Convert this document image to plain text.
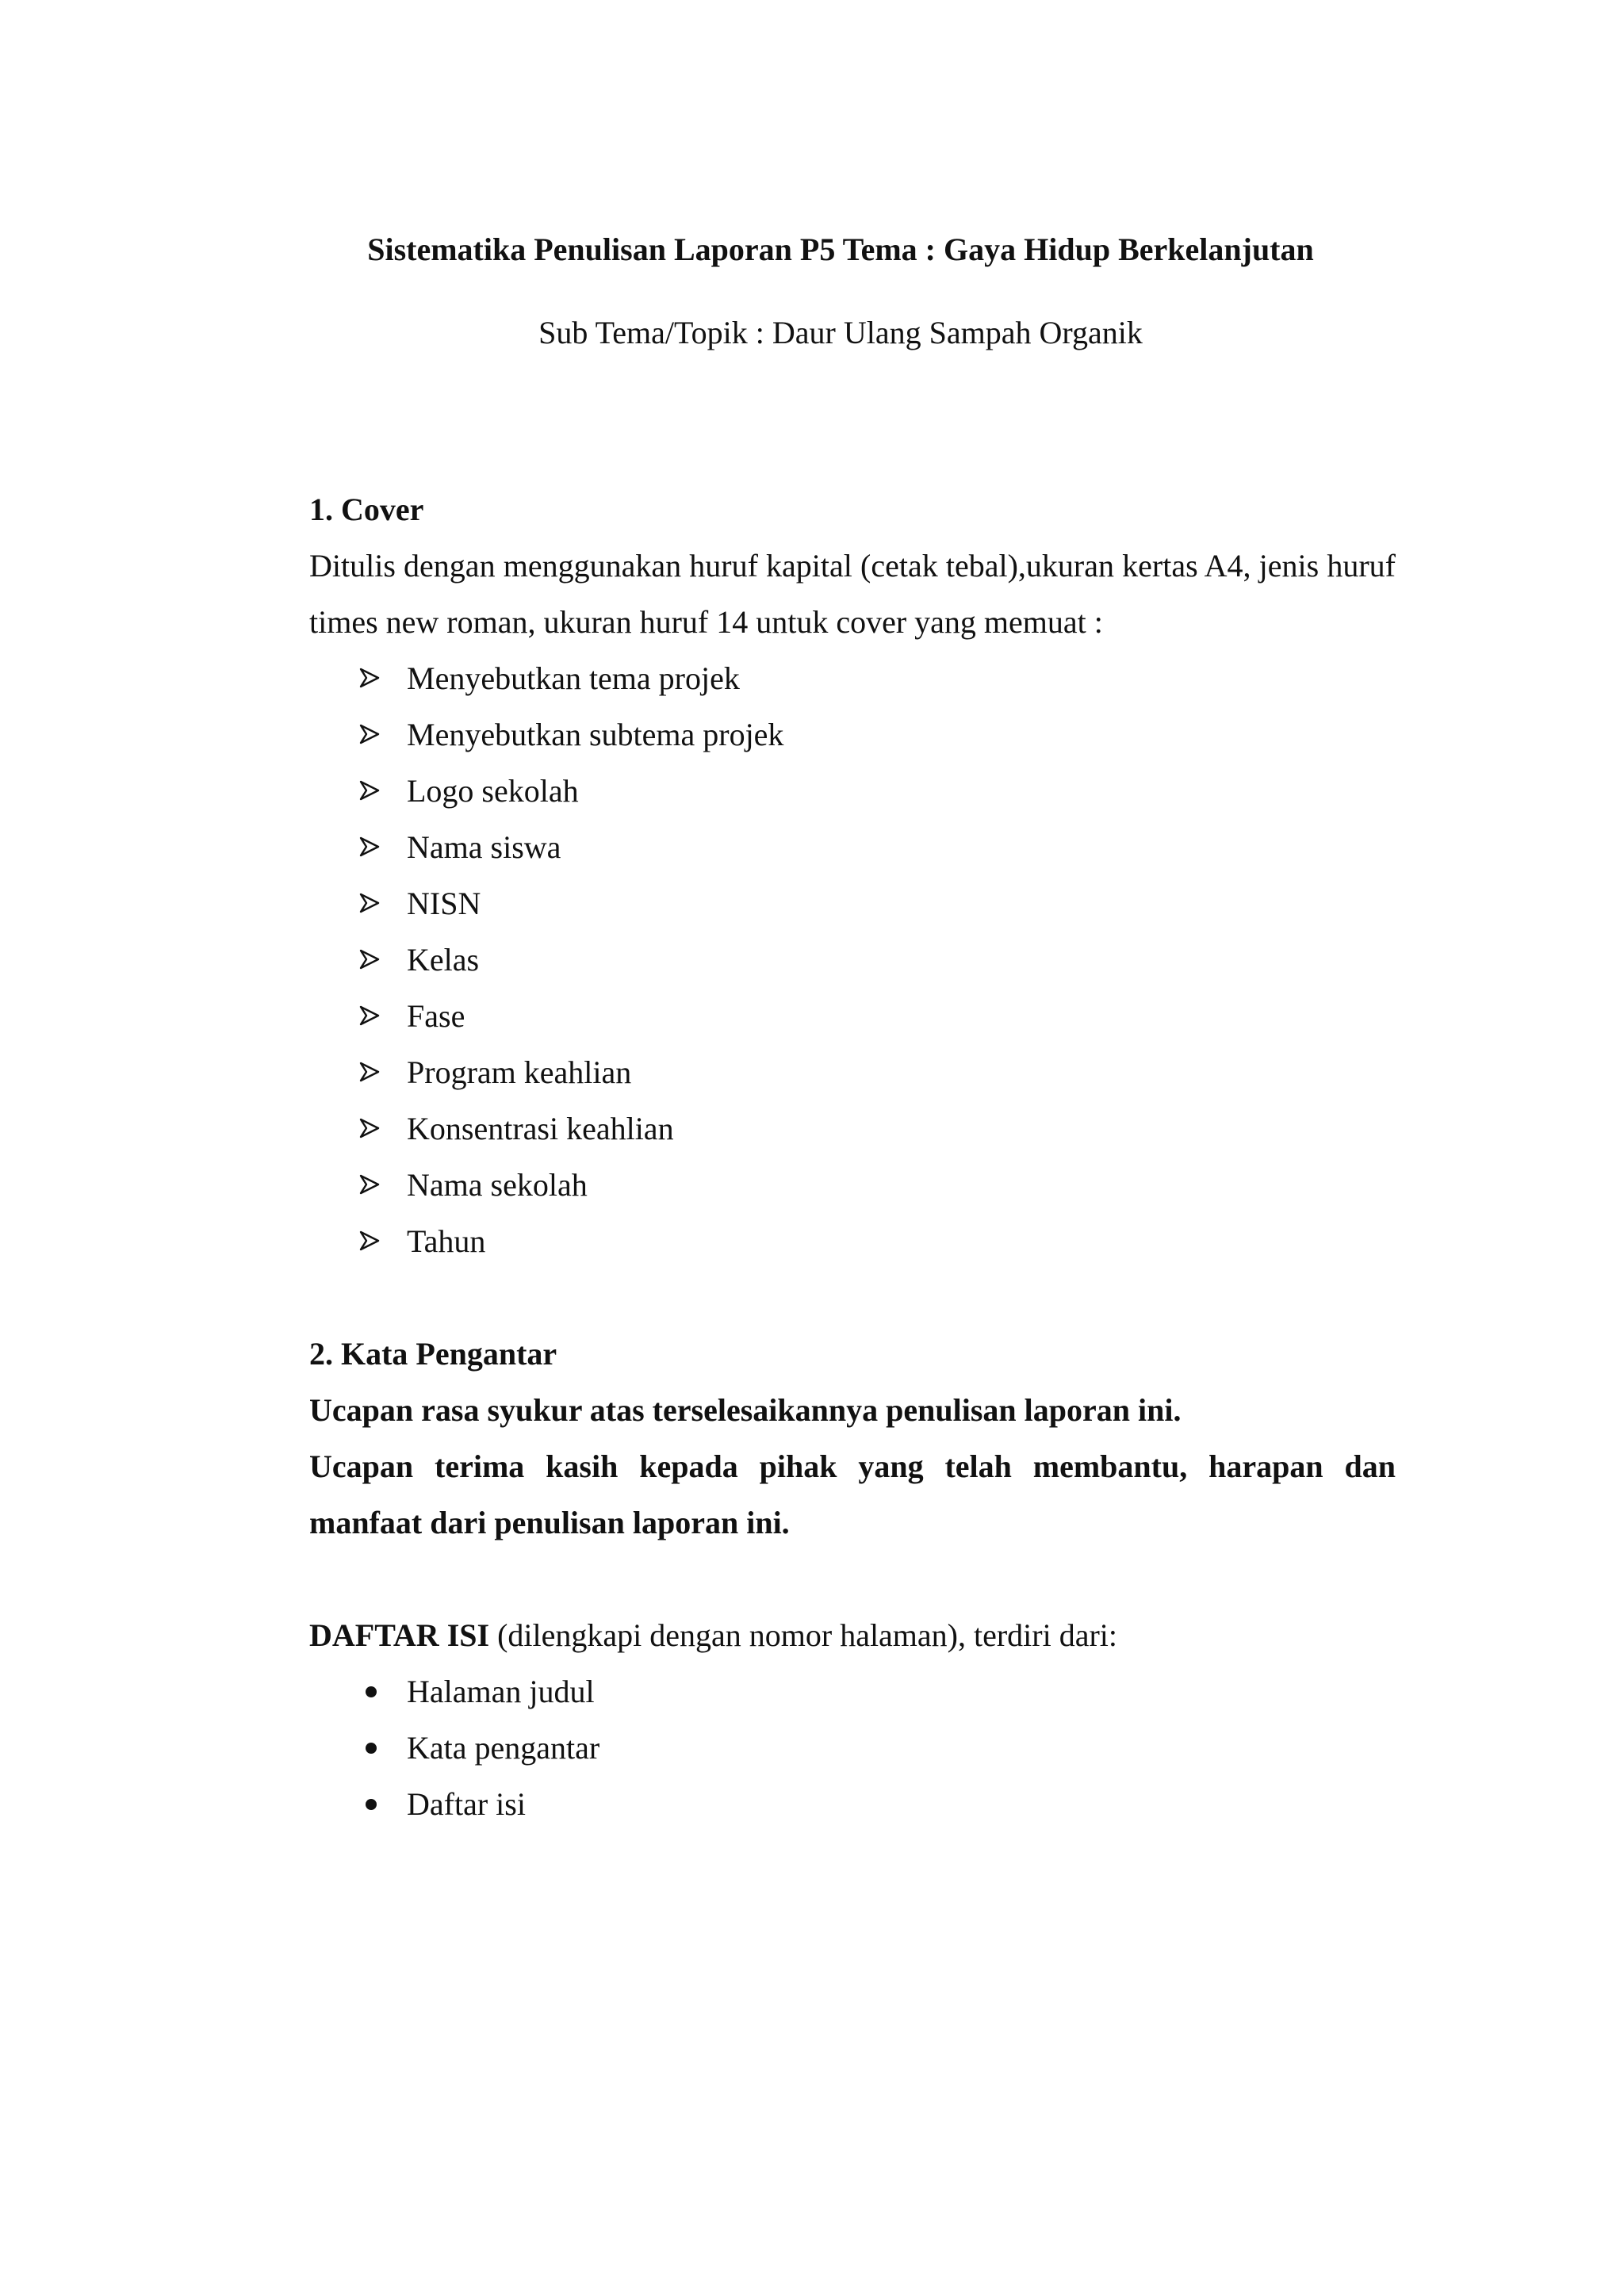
Sistematika Penulisan Laporan P5 Tema : Gaya Hidup Berkelanjutan
Sub Tema/Topik : Daur Ulang Sampah Organik

1. Cover

Ditulis dengan menggunakan huruf kapital (cetak tebal),ukuran kertas A4, jenis huruf times new roman, ukuran huruf 14 untuk cover yang memuat :

Menyebutkan tema projek
Menyebutkan subtema projek
Logo sekolah
Nama siswa
NISN
Kelas
Fase
Program keahlian
Konsentrasi keahlian
Nama sekolah
Tahun

2. Kata Pengantar

Ucapan rasa syukur atas terselesaikannya penulisan laporan ini.

Ucapan terima kasih kepada pihak yang telah membantu, harapan dan manfaat dari penulisan laporan ini.

DAFTAR ISI (dilengkapi dengan nomor halaman), terdiri dari:

Halaman judul
Kata pengantar
Daftar isi
